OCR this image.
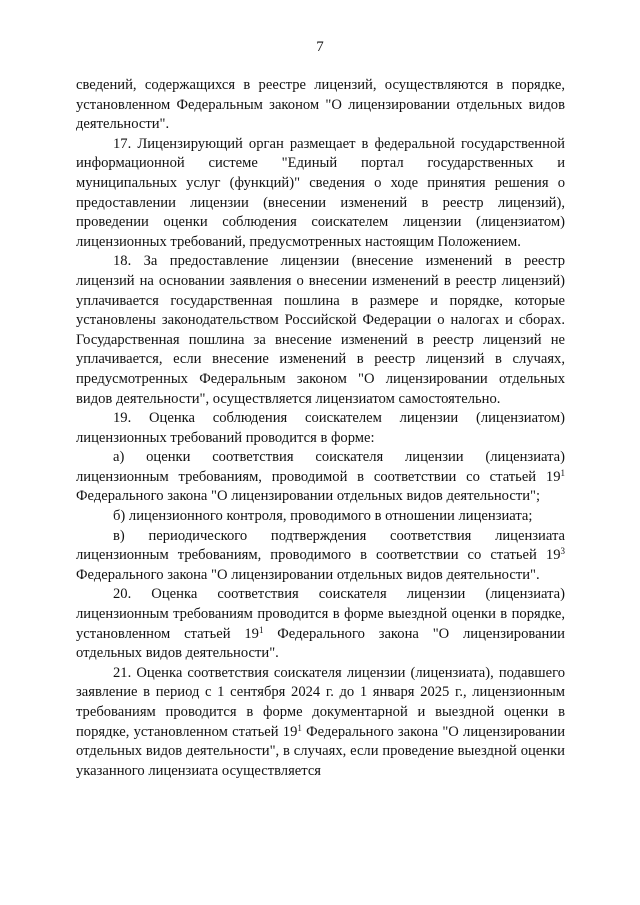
7

сведений, содержащихся в реестре лицензий, осуществляются в порядке, установленном Федеральным законом "О лицензировании отдельных видов деятельности".

17. Лицензирующий орган размещает в федеральной государственной информационной системе "Единый портал государственных и муниципальных услуг (функций)" сведения о ходе принятия решения о предоставлении лицензии (внесении изменений в реестр лицензий), проведении оценки соблюдения соискателем лицензии (лицензиатом) лицензионных требований, предусмотренных настоящим Положением.

18. За предоставление лицензии (внесение изменений в реестр лицензий на основании заявления о внесении изменений в реестр лицензий) уплачивается государственная пошлина в размере и порядке, которые установлены законодательством Российской Федерации о налогах и сборах. Государственная пошлина за внесение изменений в реестр лицензий не уплачивается, если внесение изменений в реестр лицензий в случаях, предусмотренных Федеральным законом "О лицензировании отдельных видов деятельности", осуществляется лицензиатом самостоятельно.

19. Оценка соблюдения соискателем лицензии (лицензиатом) лицензионных требований проводится в форме:

а) оценки соответствия соискателя лицензии (лицензиата) лицензионным требованиям, проводимой в соответствии со статьей $19^1$ Федерального закона "О лицензировании отдельных видов деятельности";

б) лицензионного контроля, проводимого в отношении лицензиата;

в) периодического подтверждения соответствия лицензиата лицензионным требованиям, проводимого в соответствии со статьей $19^3$ Федерального закона "О лицензировании отдельных видов деятельности".

20. Оценка соответствия соискателя лицензии (лицензиата) лицензионным требованиям проводится в форме выездной оценки в порядке, установленном статьей $19^1$ Федерального закона "О лицензировании отдельных видов деятельности".

21. Оценка соответствия соискателя лицензии (лицензиата), подавшего заявление в период с 1 сентября 2024 г. до 1 января 2025 г., лицензионным требованиям проводится в форме документарной и выездной оценки в порядке, установленном статьей $19^1$ Федерального закона "О лицензировании отдельных видов деятельности", в случаях, если проведение выездной оценки указанного лицензиата осуществляется
